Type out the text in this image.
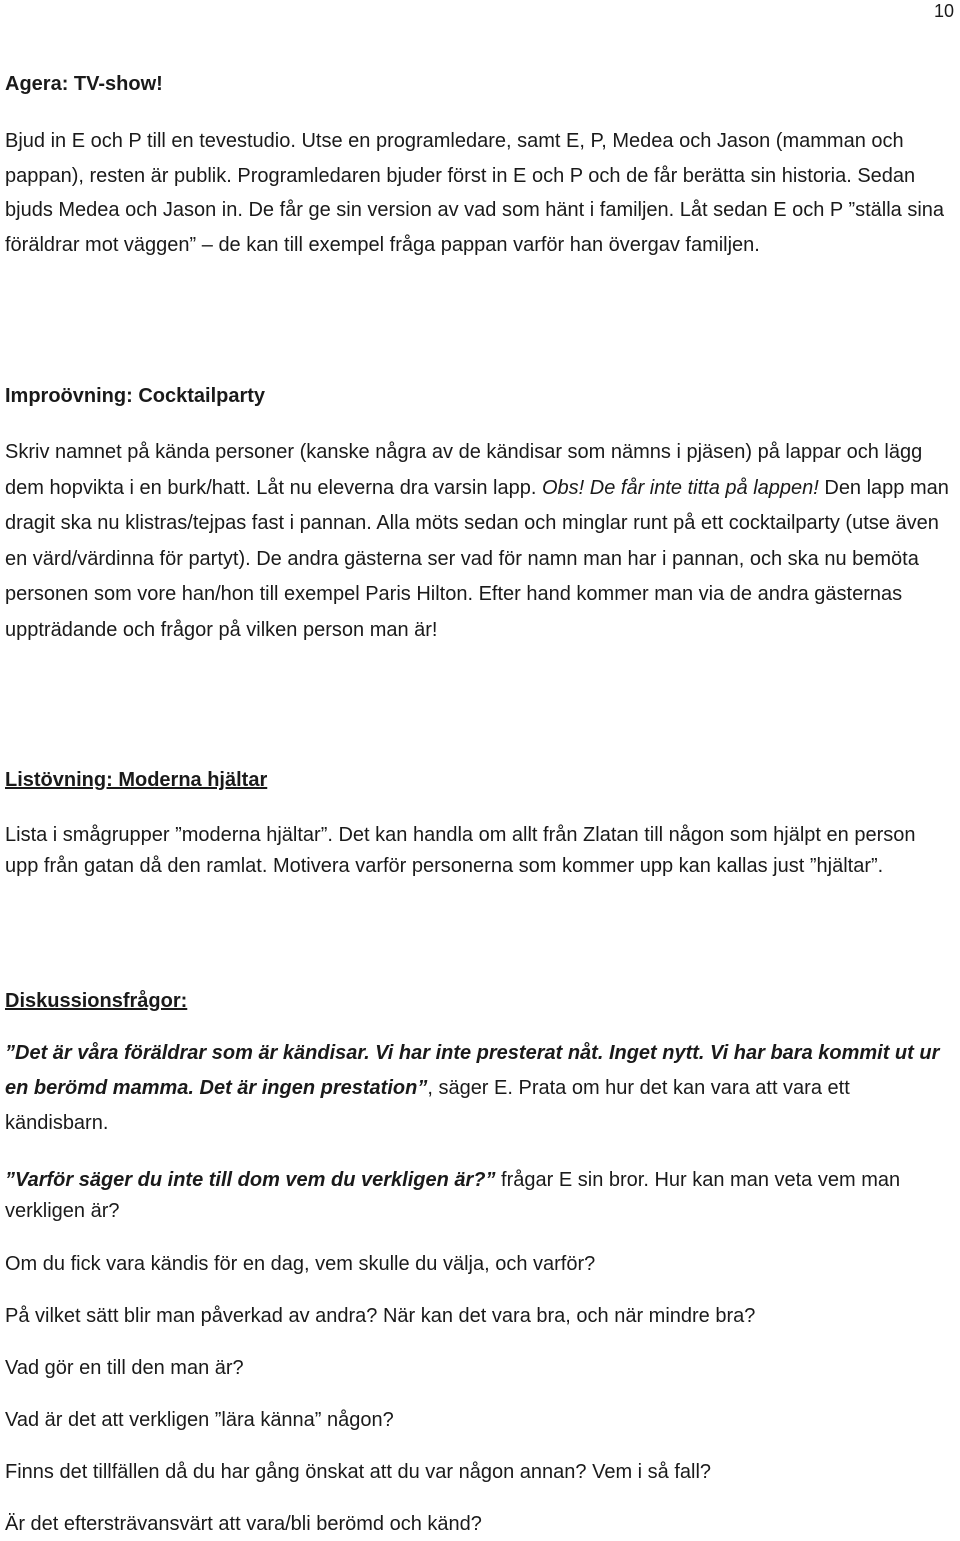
10
Agera: TV-show!

Bjud in E och P till en tevestudio. Utse en programledare, samt E, P, Medea och Jason (mamman och pappan), resten är publik. Programledaren bjuder först in E och P och de får berätta sin historia. Sedan bjuds Medea och Jason in. De får ge sin version av vad som hänt i familjen. Låt sedan E och P ”ställa sina föräldrar mot väggen” – de kan till exempel fråga pappan varför han övergav familjen.

Improövning: Cocktailparty

Skriv namnet på kända personer (kanske några av de kändisar som nämns i pjäsen) på lappar och lägg dem hopvikta i en burk/hatt. Låt nu eleverna dra varsin lapp. Obs! De får inte titta på lappen! Den lapp man dragit ska nu klistras/tejpas fast i pannan. Alla möts sedan och minglar runt på ett cocktailparty (utse även en värd/värdinna för partyt). De andra gästerna ser vad för namn man har i pannan, och ska nu bemöta personen som vore han/hon till exempel Paris Hilton. Efter hand kommer man via de andra gästernas uppträdande och frågor på vilken person man är!

Listövning: Moderna hjältar

Lista i smågrupper ”moderna hjältar”. Det kan handla om allt från Zlatan till någon som hjälpt en person upp från gatan då den ramlat. Motivera varför personerna som kommer upp kan kallas just ”hjältar”.

Diskussionsfrågor:

”Det är våra föräldrar som är kändisar. Vi har inte presterat nåt. Inget nytt. Vi har bara kommit ut ur en berömd mamma. Det är ingen prestation”, säger E. Prata om hur det kan vara att vara ett kändisbarn.

”Varför säger du inte till dom vem du verkligen är?” frågar E sin bror. Hur kan man veta vem man verkligen är?

Om du fick vara kändis för en dag, vem skulle du välja, och varför?

På vilket sätt blir man påverkad av andra? När kan det vara bra, och när mindre bra?

Vad gör en till den man är?

Vad är det att verkligen ”lära känna” någon?

Finns det tillfällen då du har gång önskat att du var någon annan? Vem i så fall?

Är det eftersträvansvärt att vara/bli berömd och känd?
